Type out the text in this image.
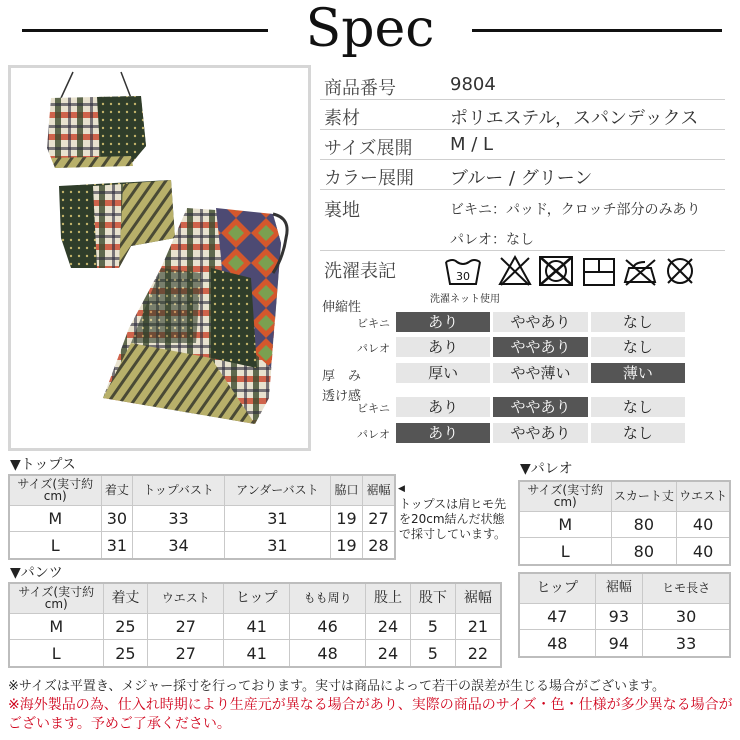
Spec
商品番号	9804
素材	ポリエステル，スパンデックス
サイズ展開 M / L
カラー展開 ブルー / グリーン
裏地	ビキニ：パッド，クロッチ部分のみあり
パレオ：なし
洗濯表記	30
洗濯ネット使用
伸縮性
ビキニ	あり	ややあり	なし
パレオ	あり	ややあり	なし
厚　み	厚い	やや薄い	薄い
透け感
ビキニ	あり	ややあり	なし
パレオ	あり	ややあり	なし
▼トップス
サイズ(実寸約cm)	着丈	トップバスト	アンダーバスト	脇口	裾幅
M	30	33	31	19	27
L	31	34	31	19	28
◀
トップスは肩ヒモ先を20cm結んだ状態で採寸しています。
▼パレオ
サイズ(実寸約cm)	スカート丈	ウエスト
M	80	40
L	80	40
ヒップ	裾幅	ヒモ長さ
47	93	30
48	94	33
▼パンツ
サイズ(実寸約cm)	着丈	ウエスト	ヒップ	もも周り	股上	股下	裾幅
M	25	27	41	46	24	5	21
L	25	27	41	48	24	5	22
※サイズは平置き、メジャー採寸を行っております。実寸は商品によって若干の誤差が生じる場合がございます。
※海外製品の為、仕入れ時期により生産元が異なる場合があり、実際の商品のサイズ・色・仕様が多少異なる場合がございます。予めご了承ください。
